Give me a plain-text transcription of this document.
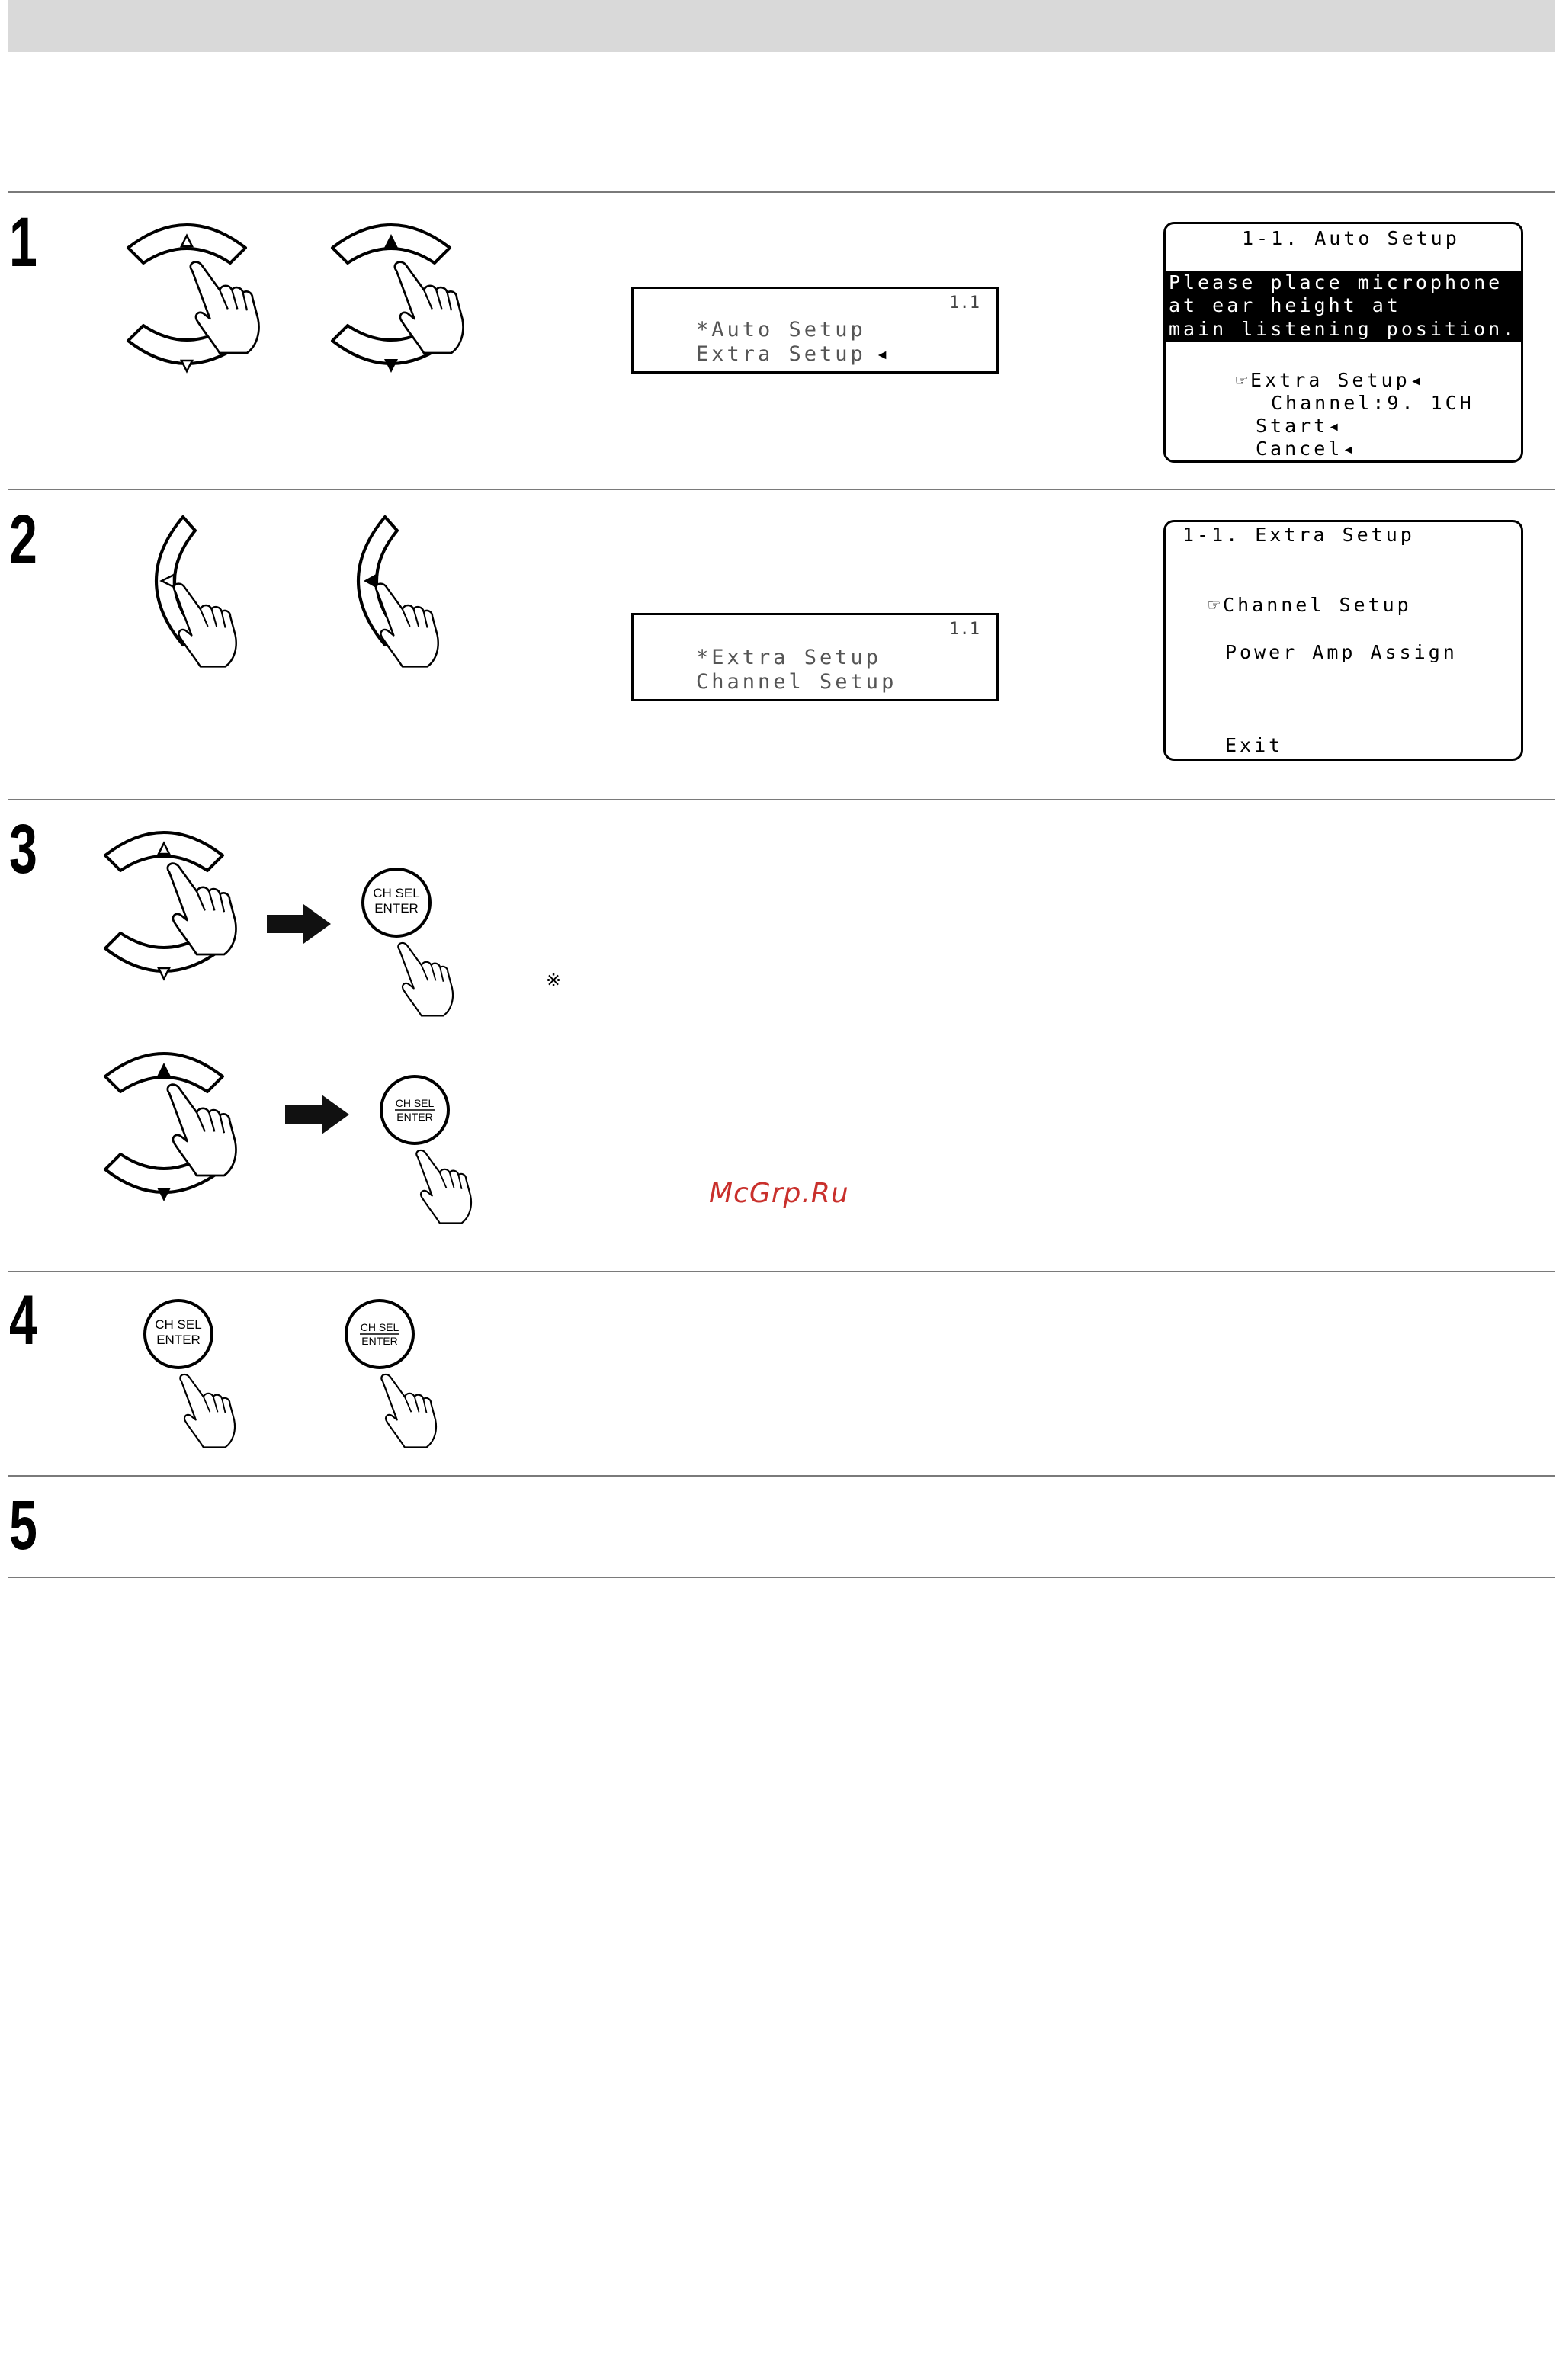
1
2
3
4
5
1.1
*Auto Setup
Extra Setup ◂
1-1. Auto Setup
Please place microphone
at ear height at
main listening position.
☞Extra Setup◂
Channel:9. 1CH
Start◂
Cancel◂
1.1
*Extra Setup
Channel Setup
1-1. Extra Setup
☞Channel Setup
Power Amp Assign
Exit
CH SEL
ENTER
※
CH SEL
ENTER
McGrp.Ru
CH SEL
ENTER
CH SEL
ENTER
